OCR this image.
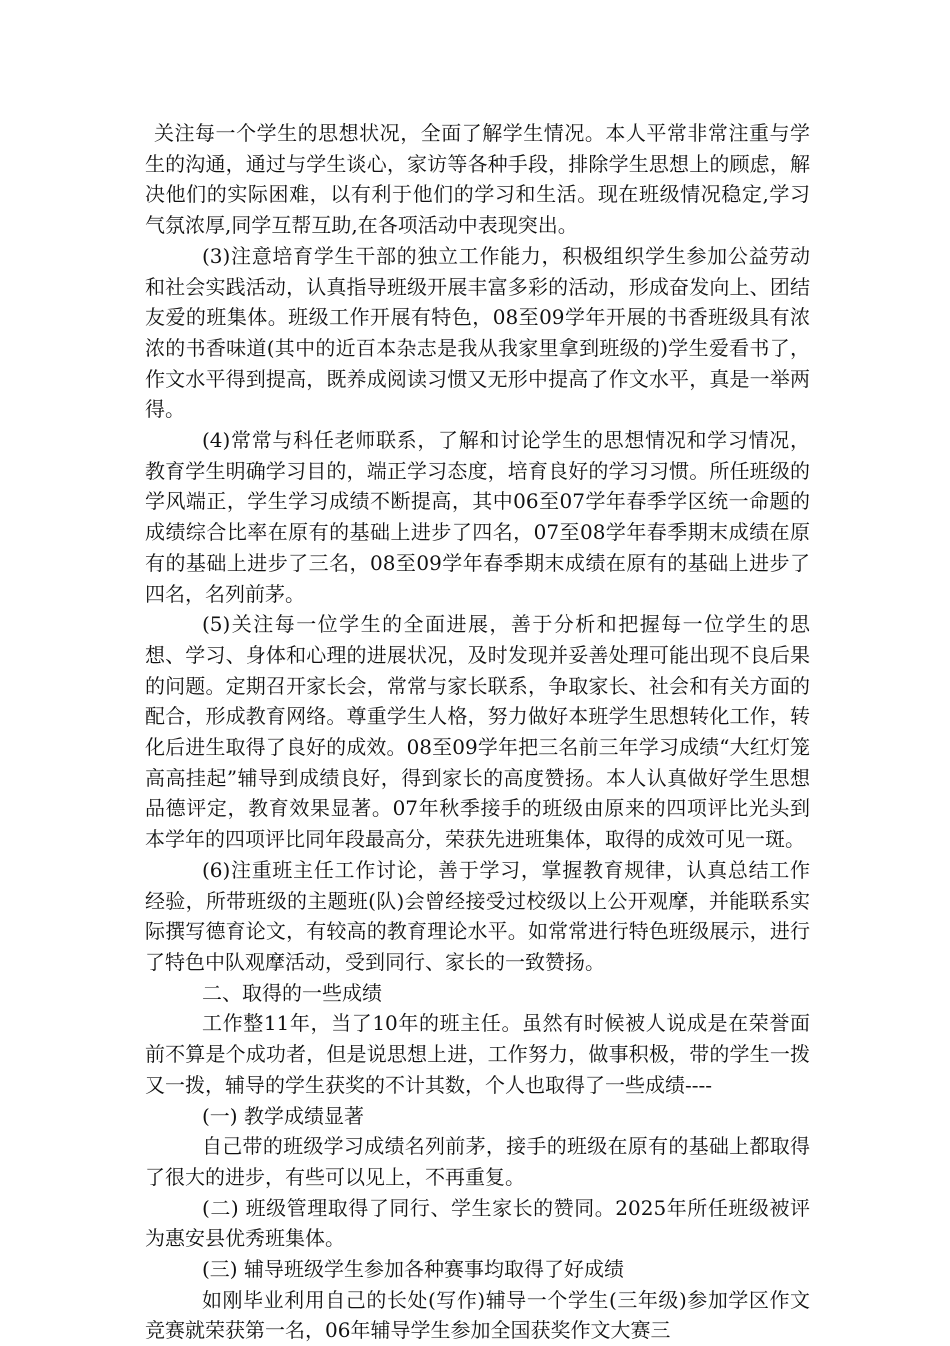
关注每一个学生的思想状况，全面了解学生情况。本人平常非常注重与学生的沟通，通过与学生谈心，家访等各种手段，排除学生思想上的顾虑，解决他们的实际困难，以有利于他们的学习和生活。现在班级情况稳定,学习气氛浓厚,同学互帮互助,在各项活动中表现突出。

(3)注意培育学生干部的独立工作能力，积极组织学生参加公益劳动和社会实践活动，认真指导班级开展丰富多彩的活动，形成奋发向上、团结友爱的班集体。班级工作开展有特色，08至09学年开展的书香班级具有浓浓的书香味道(其中的近百本杂志是我从我家里拿到班级的)学生爱看书了，作文水平得到提高，既养成阅读习惯又无形中提高了作文水平，真是一举两得。

(4)常常与科任老师联系，了解和讨论学生的思想情况和学习情况，教育学生明确学习目的，端正学习态度，培育良好的学习习惯。所任班级的学风端正，学生学习成绩不断提高，其中06至07学年春季学区统一命题的成绩综合比率在原有的基础上进步了四名，07至08学年春季期末成绩在原有的基础上进步了三名，08至09学年春季期末成绩在原有的基础上进步了四名，名列前茅。

(5)关注每一位学生的全面进展，善于分析和把握每一位学生的思想、学习、身体和心理的进展状况，及时发现并妥善处理可能出现不良后果的问题。定期召开家长会，常常与家长联系，争取家长、社会和有关方面的配合，形成教育网络。尊重学生人格，努力做好本班学生思想转化工作，转化后进生取得了良好的成效。08至09学年把三名前三年学习成绩“大红灯笼高高挂起”辅导到成绩良好，得到家长的高度赞扬。本人认真做好学生思想品德评定，教育效果显著。07年秋季接手的班级由原来的四项评比光头到本学年的四项评比同年段最高分，荣获先进班集体，取得的成效可见一斑。

(6)注重班主任工作讨论，善于学习，掌握教育规律，认真总结工作经验，所带班级的主题班(队)会曾经接受过校级以上公开观摩，并能联系实际撰写德育论文，有较高的教育理论水平。如常常进行特色班级展示，进行了特色中队观摩活动，受到同行、家长的一致赞扬。

二、取得的一些成绩

工作整11年，当了10年的班主任。虽然有时候被人说成是在荣誉面前不算是个成功者，但是说思想上进，工作努力，做事积极，带的学生一拨又一拨，辅导的学生获奖的不计其数，个人也取得了一些成绩----

(一) 教学成绩显著

自己带的班级学习成绩名列前茅，接手的班级在原有的基础上都取得了很大的进步，有些可以见上，不再重复。

(二) 班级管理取得了同行、学生家长的赞同。2025年所任班级被评为惠安县优秀班集体。

(三) 辅导班级学生参加各种赛事均取得了好成绩

如刚毕业利用自己的长处(写作)辅导一个学生(三年级)参加学区作文竞赛就荣获第一名，06年辅导学生参加全国获奖作文大赛三
